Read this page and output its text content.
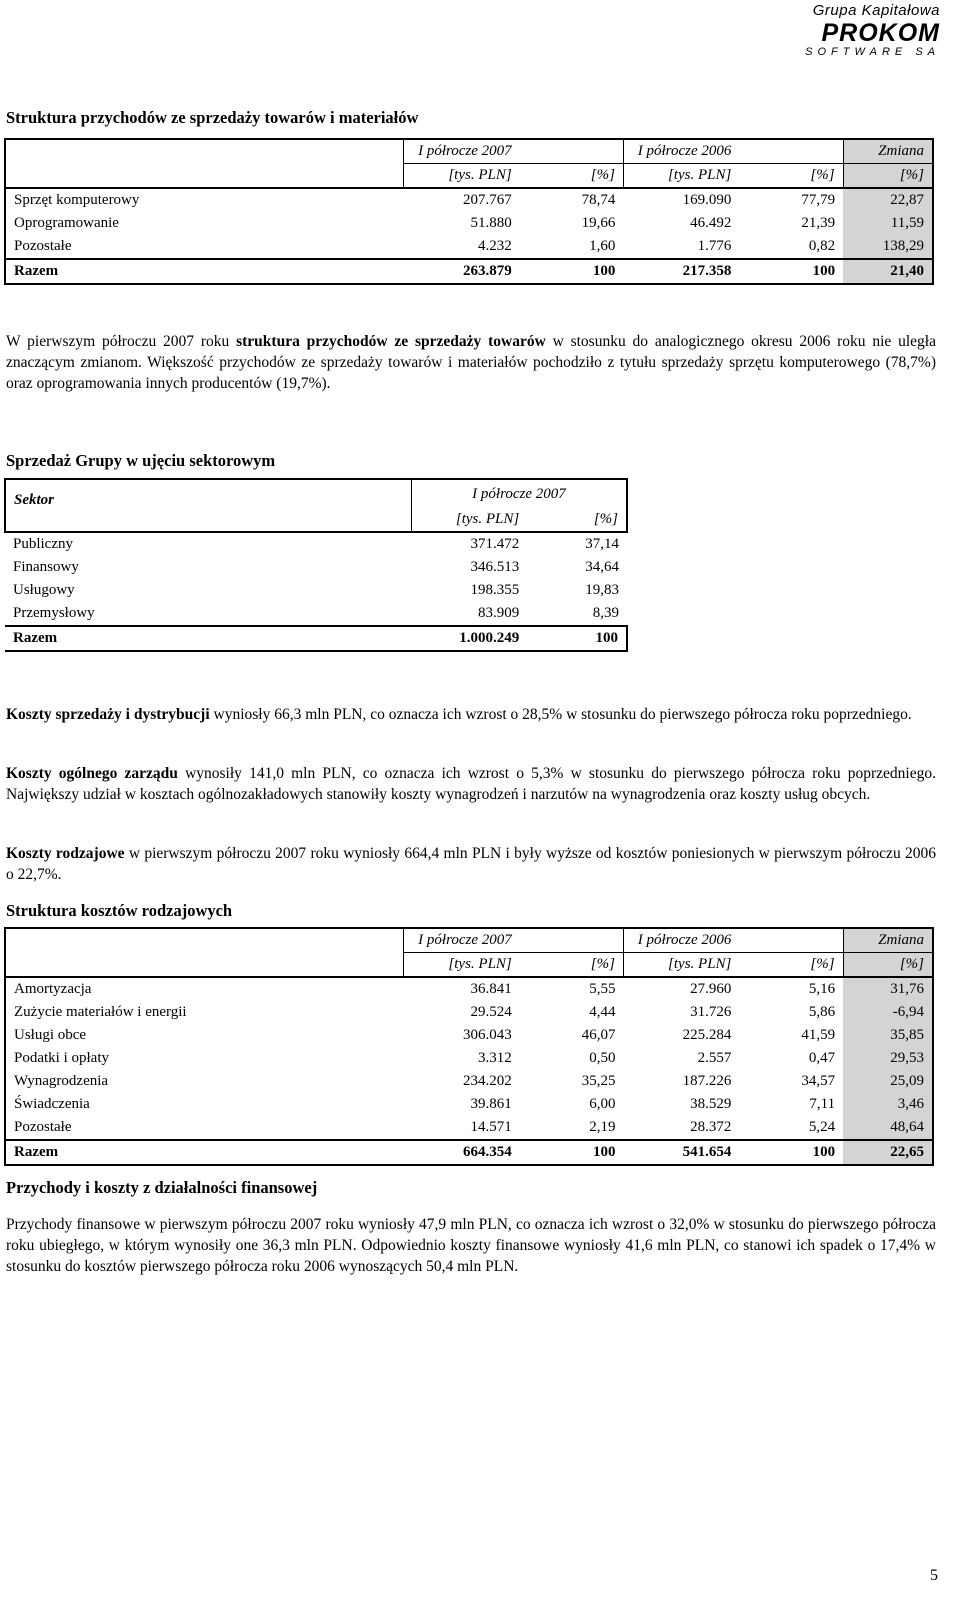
Grupa Kapitałowa
PROKOM
SOFTWARE SA
Struktura przychodów ze sprzedaży towarów i materiałów
	I półrocze 2007		I półrocze 2006		Zmiana
	[tys. PLN]	[%]	[tys. PLN]	[%]	[%]
Sprzęt komputerowy	207.767	78,74	169.090	77,79	22,87
Oprogramowanie	51.880	19,66	46.492	21,39	11,59
Pozostałe	4.232	1,60	1.776	0,82	138,29
Razem	263.879	100	217.358	100	21,40

W pierwszym półroczu 2007 roku struktura przychodów ze sprzedaży towarów w stosunku do analogicznego okresu 2006 roku nie uległa znaczącym zmianom. Większość przychodów ze sprzedaży towarów i materiałów pochodziło z tytułu sprzedaży sprzętu komputerowego (78,7%) oraz oprogramowania innych producentów (19,7%).

Sprzedaż Grupy w ujęciu sektorowym
Sektor	I półrocze 2007	
	[tys. PLN]	[%]
Publiczny	371.472	37,14
Finansowy	346.513	34,64
Usługowy	198.355	19,83
Przemysłowy	83.909	8,39
Razem	1.000.249	100

Koszty sprzedaży i dystrybucji wyniosły 66,3 mln PLN, co oznacza ich wzrost o 28,5% w stosunku do pierwszego półrocza roku poprzedniego.

Koszty ogólnego zarządu wynosiły 141,0 mln PLN, co oznacza ich wzrost o 5,3% w stosunku do pierwszego półrocza roku poprzedniego. Największy udział w kosztach ogólnozakładowych stanowiły koszty wynagrodzeń i narzutów na wynagrodzenia oraz koszty usług obcych.

Koszty rodzajowe w pierwszym półroczu 2007 roku wyniosły 664,4 mln PLN i były wyższe od kosztów poniesionych w pierwszym półroczu 2006 o 22,7%.

Struktura kosztów rodzajowych
	I półrocze 2007		I półrocze 2006		Zmiana
	[tys. PLN]	[%]	[tys. PLN]	[%]	[%]
Amortyzacja	36.841	5,55	27.960	5,16	31,76
Zużycie materiałów i energii	29.524	4,44	31.726	5,86	-6,94
Usługi obce	306.043	46,07	225.284	41,59	35,85
Podatki i opłaty	3.312	0,50	2.557	0,47	29,53
Wynagrodzenia	234.202	35,25	187.226	34,57	25,09
Świadczenia	39.861	6,00	38.529	7,11	3,46
Pozostałe	14.571	2,19	28.372	5,24	48,64
Razem	664.354	100	541.654	100	22,65
Przychody i koszty z działalności finansowej

Przychody finansowe w pierwszym półroczu 2007 roku wyniosły 47,9 mln PLN, co oznacza ich wzrost o 32,0% w stosunku do pierwszego półrocza roku ubiegłego, w którym wynosiły one 36,3 mln PLN. Odpowiednio koszty finansowe wyniosły 41,6 mln PLN, co stanowi ich spadek o 17,4% w stosunku do kosztów pierwszego półrocza roku 2006 wynoszących 50,4 mln PLN.

5
